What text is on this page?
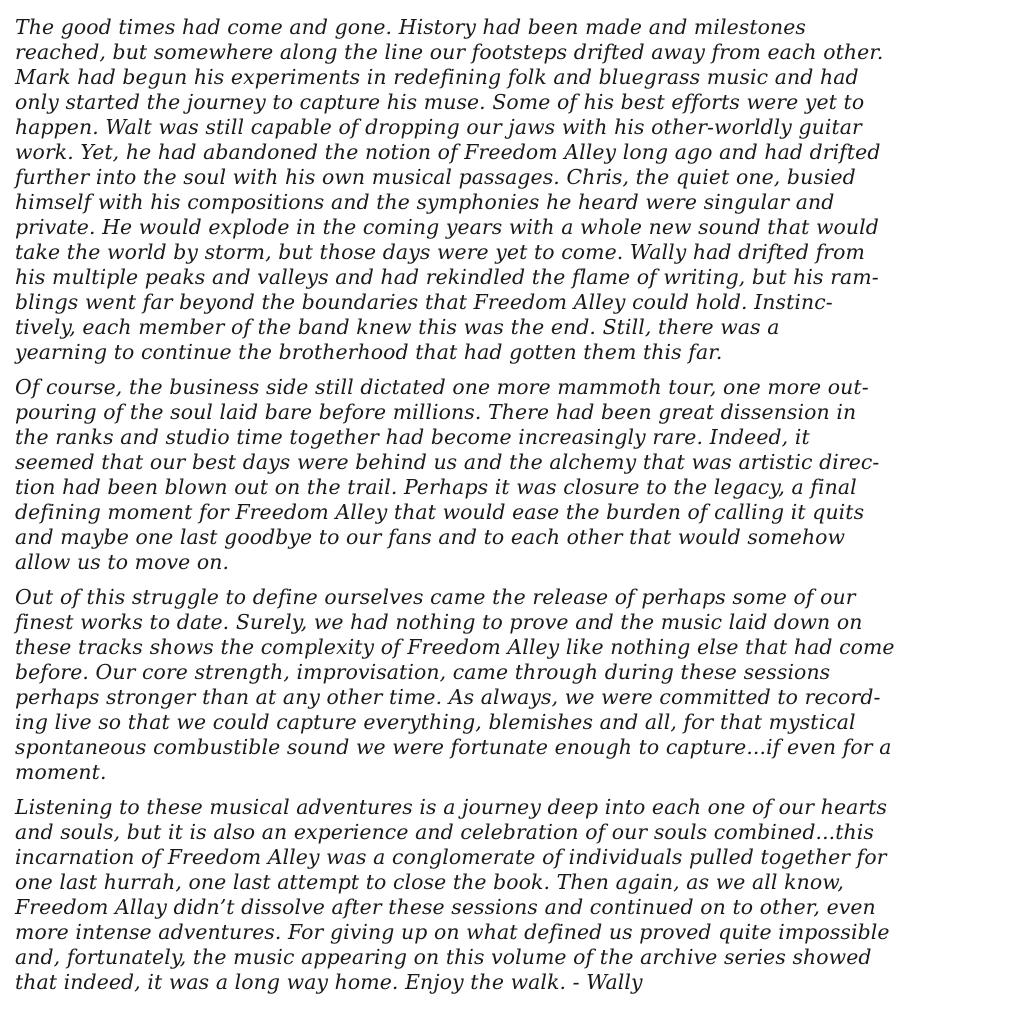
The good times had come and gone. History had been made and milestones
reached, but somewhere along the line our footsteps drifted away from each other.
Mark had begun his experiments in redefining folk and bluegrass music and had
only started the journey to capture his muse. Some of his best efforts were yet to
happen. Walt was still capable of dropping our jaws with his other-worldly guitar
work. Yet, he had abandoned the notion of Freedom Alley long ago and had drifted
further into the soul with his own musical passages. Chris, the quiet one, busied
himself with his compositions and the symphonies he heard were singular and
private. He would explode in the coming years with a whole new sound that would
take the world by storm, but those days were yet to come. Wally had drifted from
his multiple peaks and valleys and had rekindled the flame of writing, but his ram-
blings went far beyond the boundaries that Freedom Alley could hold. Instinc-
tively, each member of the band knew this was the end. Still, there was a
yearning to continue the brotherhood that had gotten them this far.
Of course, the business side still dictated one more mammoth tour, one more out-
pouring of the soul laid bare before millions. There had been great dissension in
the ranks and studio time together had become increasingly rare. Indeed, it
seemed that our best days were behind us and the alchemy that was artistic direc-
tion had been blown out on the trail. Perhaps it was closure to the legacy, a final
defining moment for Freedom Alley that would ease the burden of calling it quits
and maybe one last goodbye to our fans and to each other that would somehow
allow us to move on.
Out of this struggle to define ourselves came the release of perhaps some of our
finest works to date. Surely, we had nothing to prove and the music laid down on
these tracks shows the complexity of Freedom Alley like nothing else that had come
before. Our core strength, improvisation, came through during these sessions
perhaps stronger than at any other time. As always, we were committed to record-
ing live so that we could capture everything, blemishes and all, for that mystical
spontaneous combustible sound we were fortunate enough to capture...if even for a
moment.
Listening to these musical adventures is a journey deep into each one of our hearts
and souls, but it is also an experience and celebration of our souls combined...this
incarnation of Freedom Alley was a conglomerate of individuals pulled together for
one last hurrah, one last attempt to close the book. Then again, as we all know,
Freedom Allay didn’t dissolve after these sessions and continued on to other, even
more intense adventures. For giving up on what defined us proved quite impossible
and, fortunately, the music appearing on this volume of the archive series showed
that indeed, it was a long way home. Enjoy the walk. - Wally
